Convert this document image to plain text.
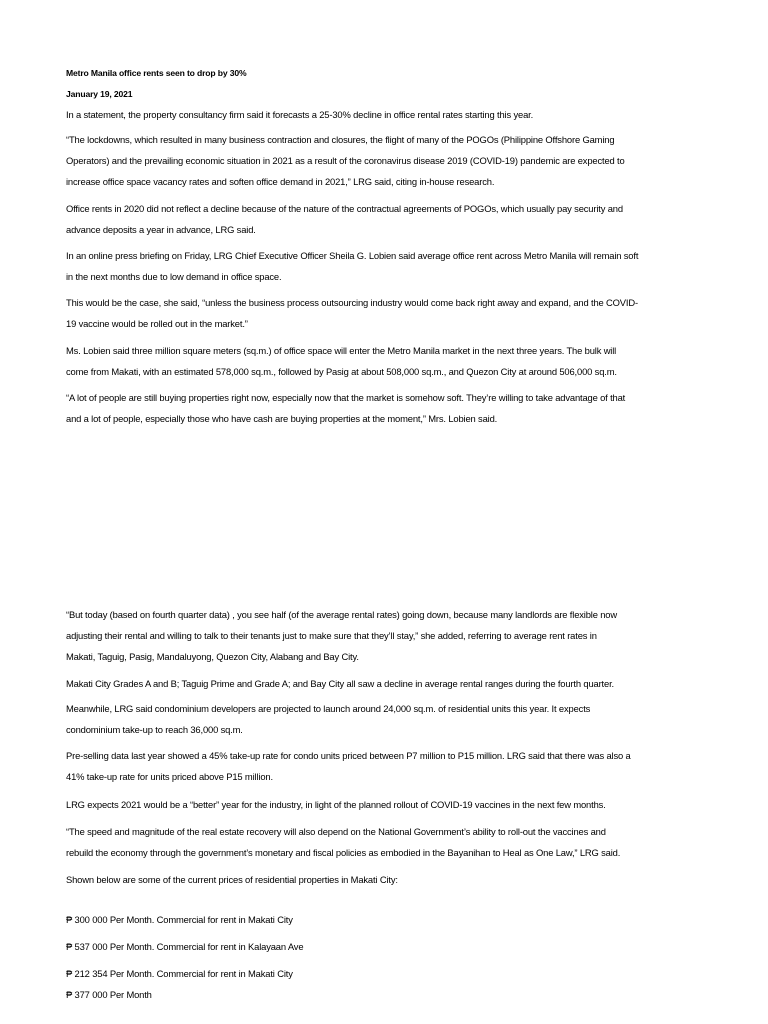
Metro Manila office rents seen to drop by 30%
January 19, 2021
In a statement, the property consultancy firm said it forecasts a 25-30% decline in office rental rates starting this year.
“The lockdowns, which resulted in many business contraction and closures, the flight of many of the POGOs (Philippine Offshore Gaming
Operators) and the prevailing economic situation in 2021 as a result of the coronavirus disease 2019 (COVID-19) pandemic are expected to
increase office space vacancy rates and soften office demand in 2021,” LRG said, citing in-house research.
Office rents in 2020 did not reflect a decline because of the nature of the contractual agreements of POGOs, which usually pay security and
advance deposits a year in advance, LRG said.
In an online press briefing on Friday, LRG Chief Executive Officer Sheila G. Lobien said average office rent across Metro Manila will remain soft
in the next months due to low demand in office space.
This would be the case, she said, “unless the business process outsourcing industry would come back right away and expand, and the COVID-
19 vaccine would be rolled out in the market.”
Ms. Lobien said three million square meters (sq.m.) of office space will enter the Metro Manila market in the next three years. The bulk will
come from Makati, with an estimated 578,000 sq.m., followed by Pasig at about 508,000 sq.m., and Quezon City at around 506,000 sq.m.
“A lot of people are still buying properties right now, especially now that the market is somehow soft. They’re willing to take advantage of that
and a lot of people, especially those who have cash are buying properties at the moment,” Mrs. Lobien said.
“But today (based on fourth quarter data) , you see half (of the average rental rates) going down, because many landlords are flexible now
adjusting their rental and willing to talk to their tenants just to make sure that they’ll stay,” she added, referring to average rent rates in
Makati, Taguig, Pasig, Mandaluyong, Quezon City, Alabang and Bay City.
Makati City Grades A and B; Taguig Prime and Grade A; and Bay City all saw a decline in average rental ranges during the fourth quarter.
Meanwhile, LRG said condominium developers are projected to launch around 24,000 sq.m. of residential units this year. It expects
condominium take-up to reach 36,000 sq.m.
Pre-selling data last year showed a 45% take-up rate for condo units priced between P7 million to P15 million. LRG said that there was also a
41% take-up rate for units priced above P15 million.
LRG expects 2021 would be a “better” year for the industry, in light of the planned rollout of COVID-19 vaccines in the next few months.
“The speed and magnitude of the real estate recovery will also depend on the National Government’s ability to roll-out the vaccines and
rebuild the economy through the government’s monetary and fiscal policies as embodied in the Bayanihan to Heal as One Law,” LRG said.
Shown below are some of the current prices of residential properties in Makati City:
₱ 300 000 Per Month. Commercial for rent in Makati City
₱ 537 000 Per Month. Commercial for rent in Kalayaan Ave
₱ 212 354 Per Month. Commercial for rent in Makati City
₱ 377 000 Per Month
